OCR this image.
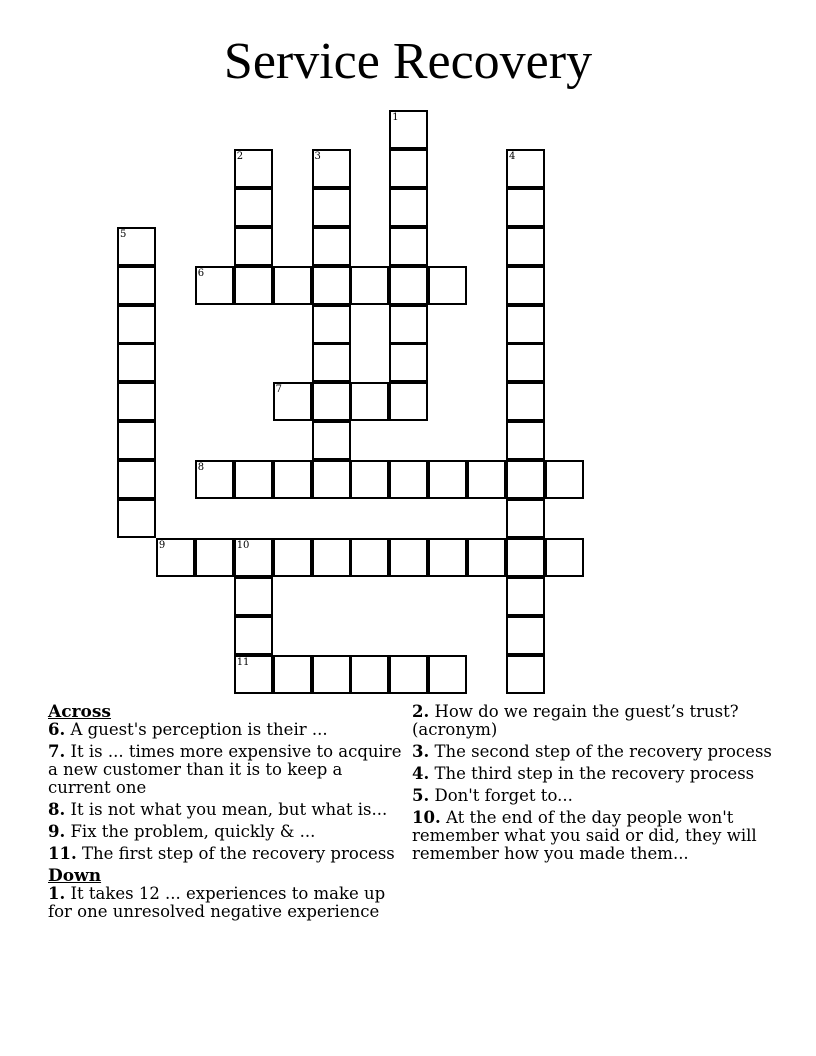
Service Recovery
1
2	3	4
5
6
7
8
9	10
11
Across
6. A guest's perception is their ...
7. It is ... times more expensive to acquire a new customer than it is to keep a current one
8. It is not what you mean, but what is...
9. Fix the problem, quickly & ...
11. The first step of the recovery process
Down
1. It takes 12 ... experiences to make up for one unresolved negative experience
2. How do we regain the guest’s trust? (acronym)
3. The second step of the recovery process
4. The third step in the recovery process
5. Don't forget to...
10. At the end of the day people won't remember what you said or did, they will remember how you made them...
